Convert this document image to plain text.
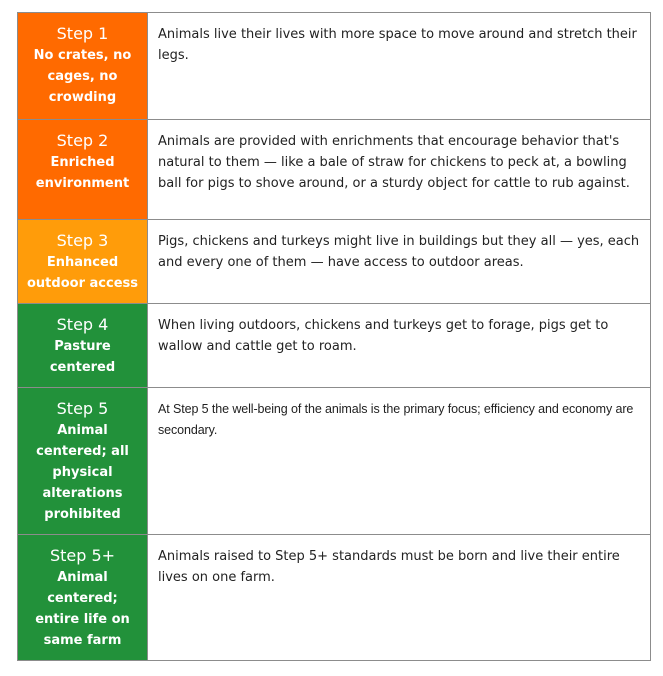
Step 1
No crates, no cages, no crowding	Animals live their lives with more space to move around and stretch their legs.

Step 2
Enriched environment	Animals are provided with enrichments that encourage behavior that's natural to them — like a bale of straw for chickens to peck at, a bowling ball for pigs to shove around, or a sturdy object for cattle to rub against.

Step 3
Enhanced outdoor access	Pigs, chickens and turkeys might live in buildings but they all — yes, each and every one of them — have access to outdoor areas.

Step 4
Pasture centered	When living outdoors, chickens and turkeys get to forage, pigs get to wallow and cattle get to roam.

Step 5
Animal centered; all physical alterations prohibited	At Step 5 the well-being of the animals is the primary focus; efficiency and economy are secondary.

Step 5+
Animal centered; entire life on same farm	Animals raised to Step 5+ standards must be born and live their entire lives on one farm.
